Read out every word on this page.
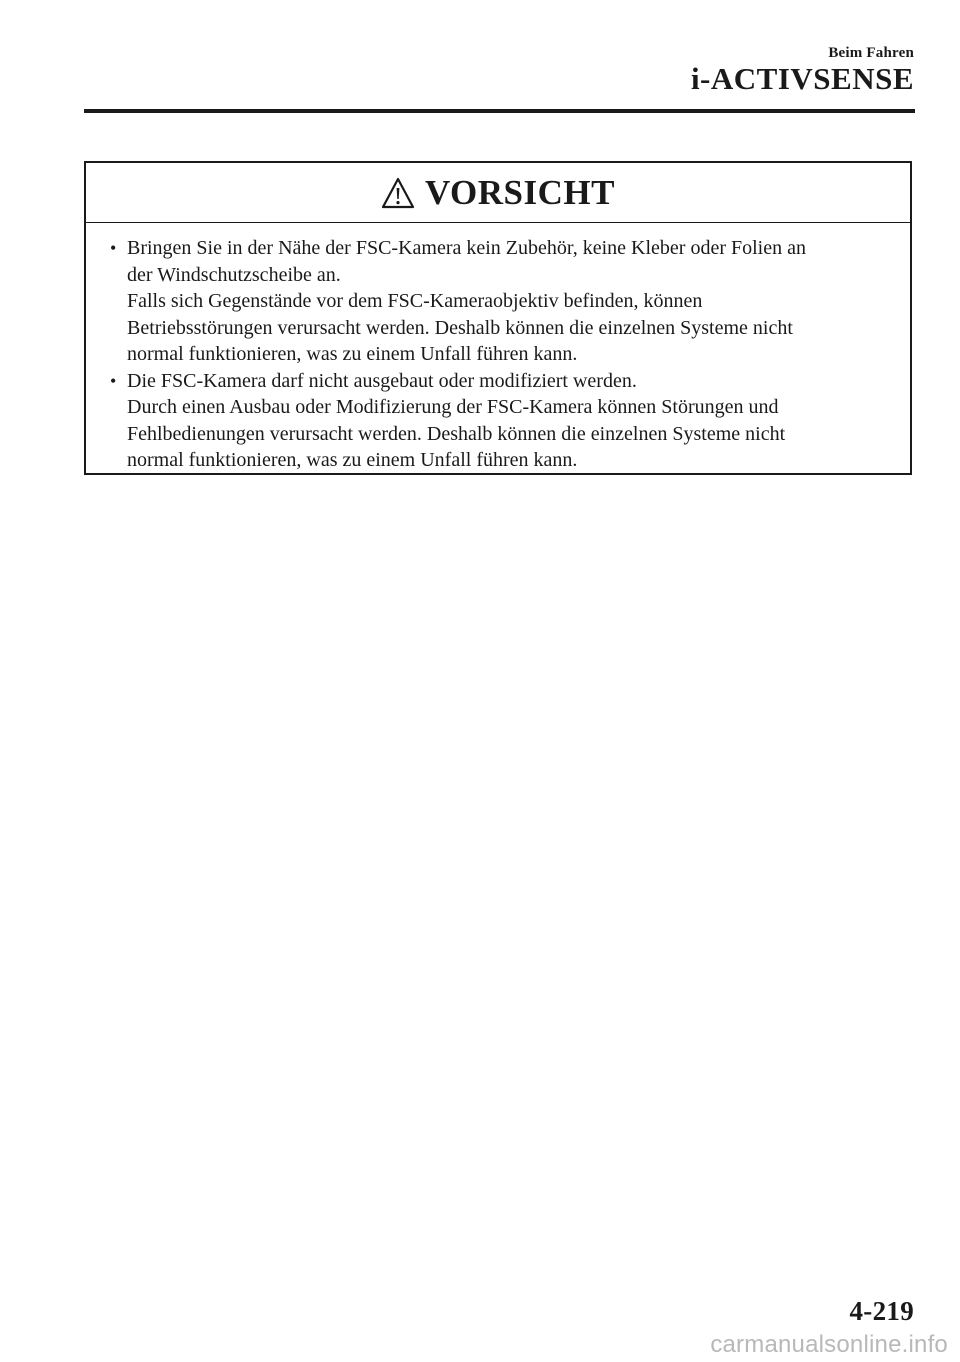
Beim Fahren
i-ACTIVSENSE
VORSICHT
• Bringen Sie in der Nähe der FSC-Kamera kein Zubehör, keine Kleber oder Folien an
der Windschutzscheibe an.
Falls sich Gegenstände vor dem FSC-Kameraobjektiv befinden, können
Betriebsstörungen verursacht werden. Deshalb können die einzelnen Systeme nicht
normal funktionieren, was zu einem Unfall führen kann.
• Die FSC-Kamera darf nicht ausgebaut oder modifiziert werden.
Durch einen Ausbau oder Modifizierung der FSC-Kamera können Störungen und
Fehlbedienungen verursacht werden. Deshalb können die einzelnen Systeme nicht
normal funktionieren, was zu einem Unfall führen kann.
4-219
carmanualsonline.info
